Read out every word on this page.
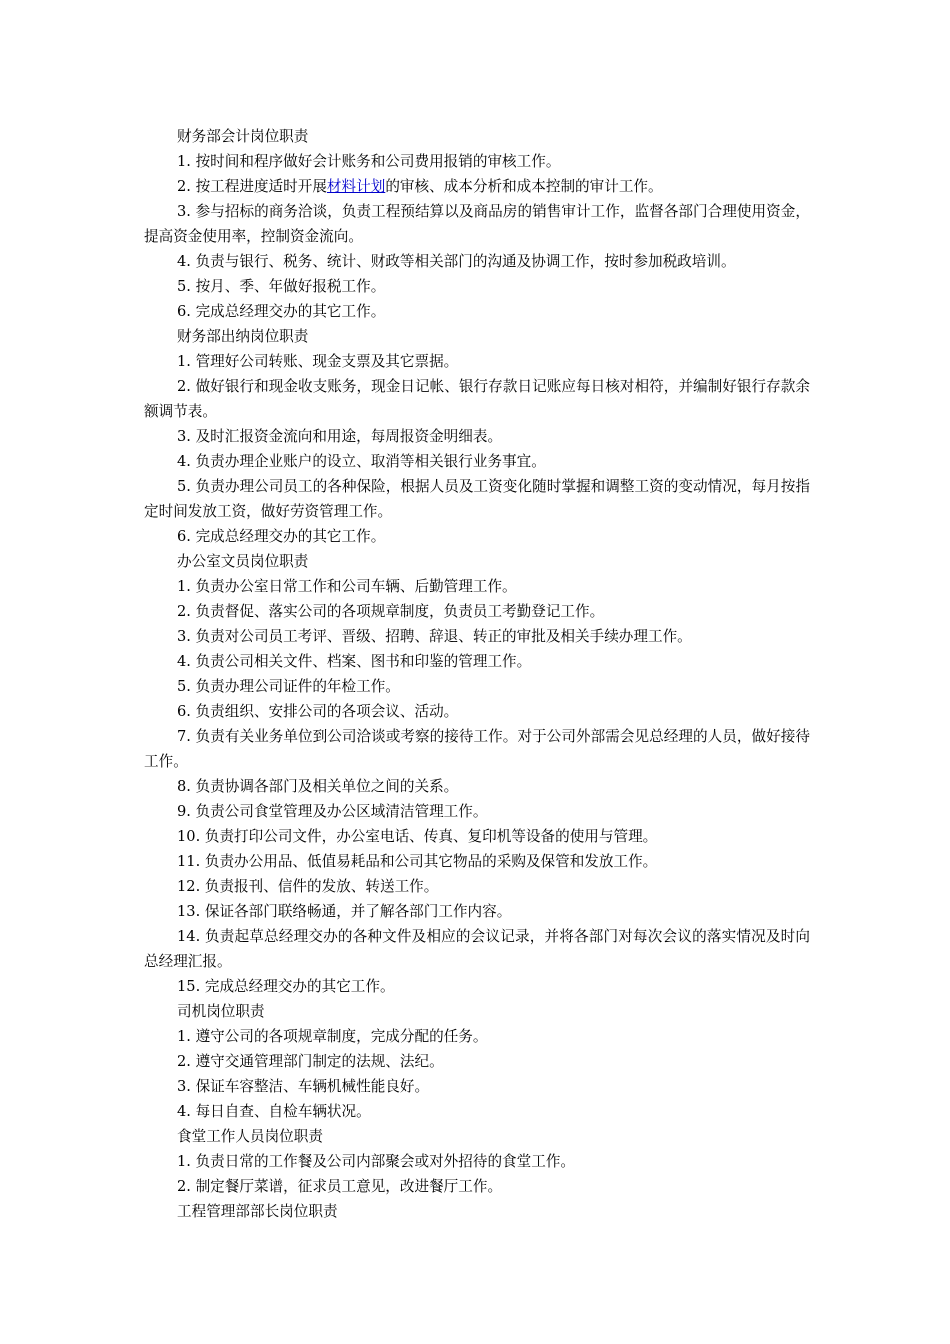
财务部会计岗位职责

1. 按时间和程序做好会计账务和公司费用报销的审核工作。

2. 按工程进度适时开展材料计划的审核、成本分析和成本控制的审计工作。

3. 参与招标的商务洽谈，负责工程预结算以及商品房的销售审计工作，监督各部门合理使用资金，提高资金使用率，控制资金流向。

4. 负责与银行、税务、统计、财政等相关部门的沟通及协调工作，按时参加税政培训。

5. 按月、季、年做好报税工作。

6. 完成总经理交办的其它工作。

财务部出纳岗位职责

1. 管理好公司转账、现金支票及其它票据。

2. 做好银行和现金收支账务，现金日记帐、银行存款日记账应每日核对相符，并编制好银行存款余额调节表。

3. 及时汇报资金流向和用途，每周报资金明细表。

4. 负责办理企业账户的设立、取消等相关银行业务事宜。

5. 负责办理公司员工的各种保险，根据人员及工资变化随时掌握和调整工资的变动情况，每月按指定时间发放工资，做好劳资管理工作。

6. 完成总经理交办的其它工作。

办公室文员岗位职责

1. 负责办公室日常工作和公司车辆、后勤管理工作。

2. 负责督促、落实公司的各项规章制度，负责员工考勤登记工作。

3. 负责对公司员工考评、晋级、招聘、辞退、转正的审批及相关手续办理工作。

4. 负责公司相关文件、档案、图书和印鉴的管理工作。

5. 负责办理公司证件的年检工作。

6. 负责组织、安排公司的各项会议、活动。

7. 负责有关业务单位到公司洽谈或考察的接待工作。对于公司外部需会见总经理的人员，做好接待工作。

8. 负责协调各部门及相关单位之间的关系。

9. 负责公司食堂管理及办公区域清洁管理工作。

10. 负责打印公司文件，办公室电话、传真、复印机等设备的使用与管理。

11. 负责办公用品、低值易耗品和公司其它物品的采购及保管和发放工作。

12. 负责报刊、信件的发放、转送工作。

13. 保证各部门联络畅通，并了解各部门工作内容。

14. 负责起草总经理交办的各种文件及相应的会议记录，并将各部门对每次会议的落实情况及时向总经理汇报。

15. 完成总经理交办的其它工作。

司机岗位职责

1. 遵守公司的各项规章制度，完成分配的任务。

2. 遵守交通管理部门制定的法规、法纪。

3. 保证车容整洁、车辆机械性能良好。

4. 每日自查、自检车辆状况。

食堂工作人员岗位职责

1. 负责日常的工作餐及公司内部聚会或对外招待的食堂工作。

2. 制定餐厅菜谱，征求员工意见，改进餐厅工作。

工程管理部部长岗位职责
